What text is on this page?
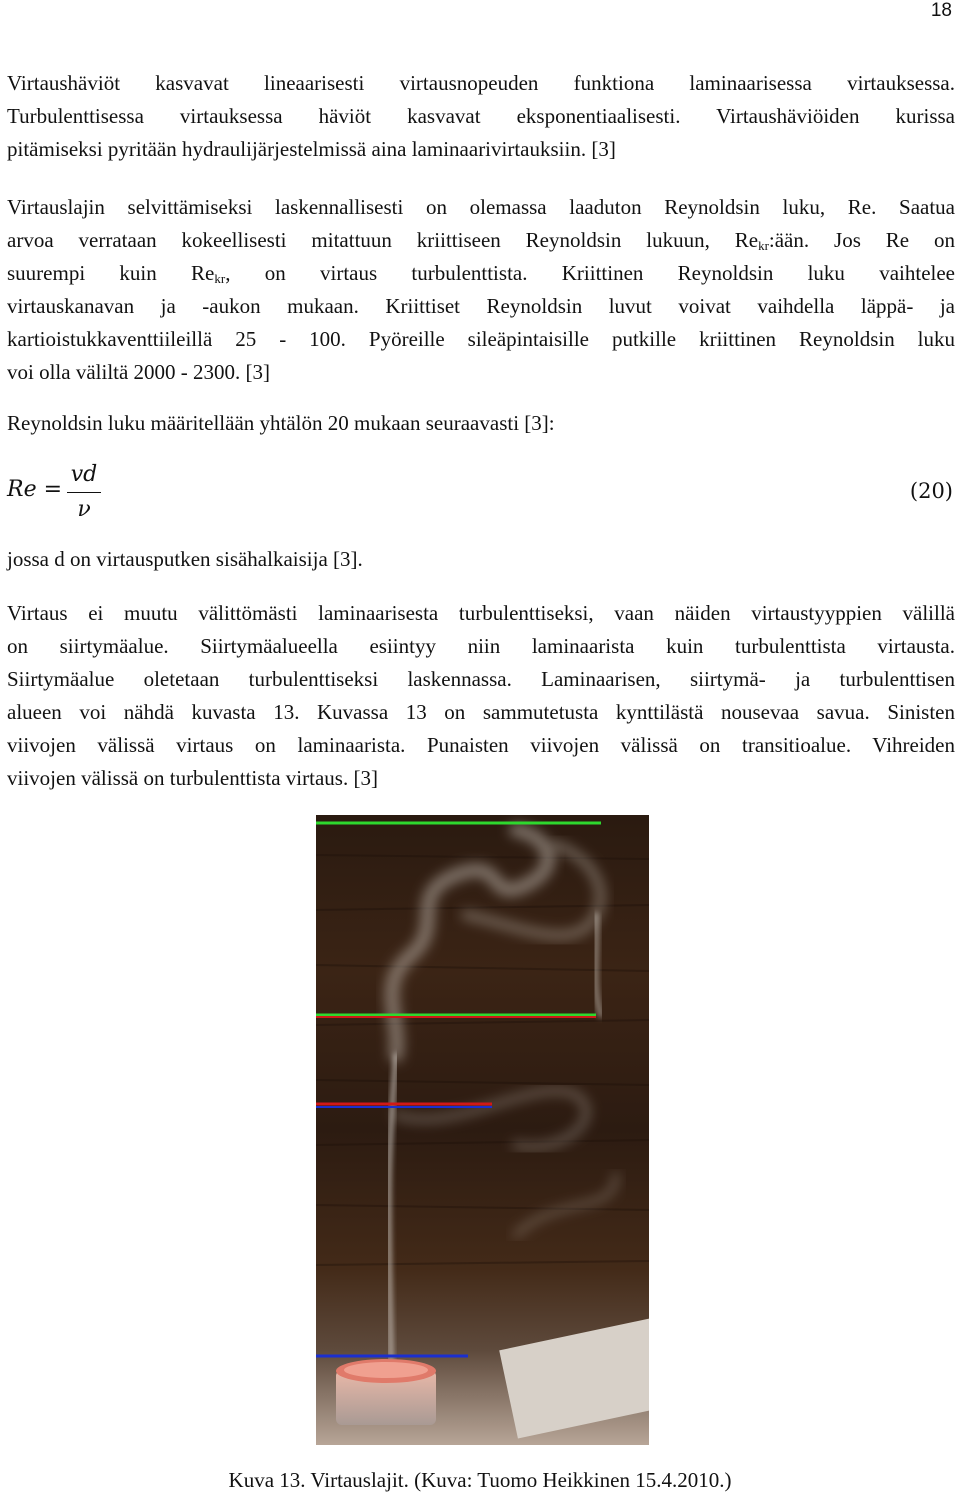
18
Virtaushäviöt kasvavat lineaarisesti virtausnopeuden funktiona laminaarisessa virtauksessa.
Turbulenttisessa virtauksessa häviöt kasvavat eksponentiaalisesti. Virtaushäviöiden kurissa
pitämiseksi pyritään hydraulijärjestelmissä aina laminaarivirtauksiin. [3]
Virtauslajin selvittämiseksi laskennallisesti on olemassa laaduton Reynoldsin luku, Re. Saatua
arvoa verrataan kokeellisesti mitattuun kriittiseen Reynoldsin lukuun, $Re_{kr}:ään$. Jos Re on
suurempi kuin $Re_{kr}$, on virtaus turbulenttista. Kriittinen Reynoldsin luku vaihtelee
virtauskanavan ja -aukon mukaan. Kriittiset Reynoldsin luvut voivat vaihdella läppä- ja
kartioistukkaventtiileillä 25 - 100. Pyöreille sileäpintaisille putkille kriittinen Reynoldsin luku
voi olla väliltä 2000 - 2300. [3]
Reynoldsin luku määritellään yhtälön 20 mukaan seuraavasti [3]:
Re =
vd
ν
(20)
jossa d on virtausputken sisähalkaisija [3].
Virtaus ei muutu välittömästi laminaarisesta turbulenttiseksi, vaan näiden virtaustyyppien välillä
on siirtymäalue. Siirtymäalueella esiintyy niin laminaarista kuin turbulenttista virtausta.
Siirtymäalue oletetaan turbulenttiseksi laskennassa. Laminaarisen, siirtymä- ja turbulenttisen
alueen voi nähdä kuvasta 13. Kuvassa 13 on sammutetusta kynttilästä nousevaa savua. Sinisten
viivojen välissä virtaus on laminaarista. Punaisten viivojen välissä on transitioalue. Vihreiden
viivojen välissä on turbulenttista virtaus. [3]
Kuva 13. Virtauslajit. (Kuva: Tuomo Heikkinen 15.4.2010.)
